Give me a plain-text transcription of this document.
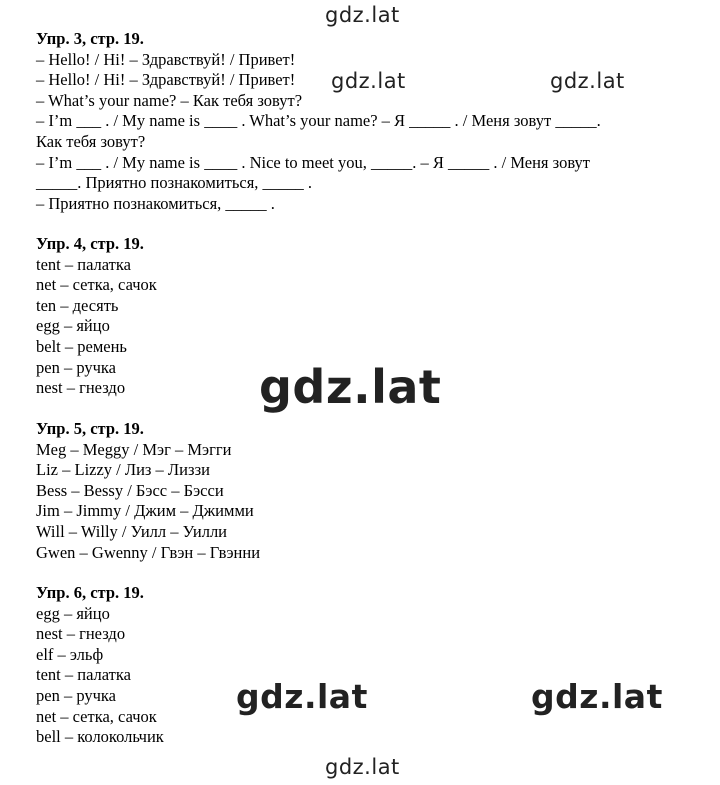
gdz.lat
gdz.lat	gdz.lat
gdz.lat
gdz.lat	gdz.lat
gdz.lat
Упр. 3, стр. 19.
– Hello! / Hi! – Здравствуй! / Привет!
– Hello! / Hi! – Здравствуй! / Привет!
– What’s your name? – Как тебя зовут?
– I’m ___ . / My name is ____ . What’s your name? – Я _____ . / Меня зовут _____.
Как тебя зовут?
– I’m ___ . / My name is ____ . Nice to meet you, _____. – Я _____ . / Меня зовут
_____. Приятно познакомиться, _____ .
– Приятно познакомиться, _____ .
Упр. 4, стр. 19.
tent – палатка
net – сетка, сачок
ten – десять
egg – яйцо
belt – ремень
pen – ручка
nest – гнездо
Упр. 5, стр. 19.
Meg – Meggy / Мэг – Мэгги
Liz – Lizzy / Лиз – Лиззи
Bess – Bessy / Бэсс – Бэсси
Jim – Jimmy / Джим – Джимми
Will – Willy / Уилл – Уилли
Gwen – Gwenny / Гвэн – Гвэнни
Упр. 6, стр. 19.
egg – яйцо
nest – гнездо
elf – эльф
tent – палатка
pen – ручка
net – сетка, сачок
bell – колокольчик
